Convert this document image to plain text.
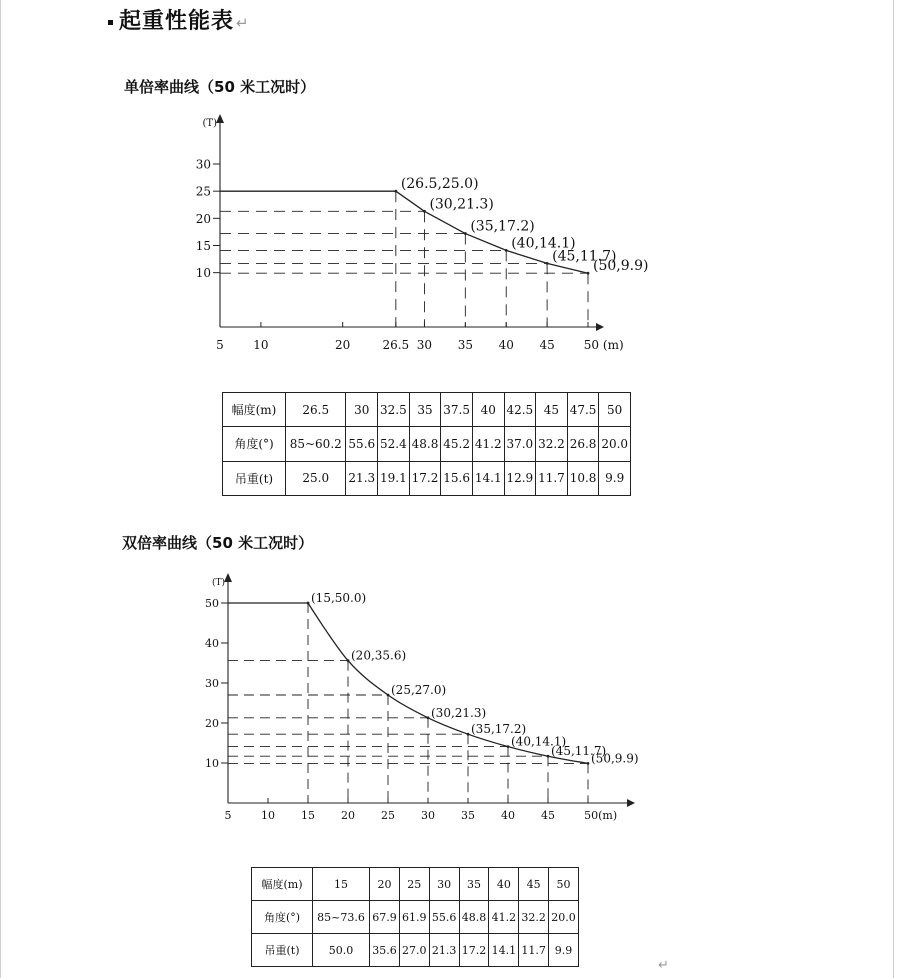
起重性能表 ↵
单倍率曲线（50 米工况时）
(T)
10
15
20
25
30
5 10	20	26.5 30 35 40 45 50 (m)
(26.5,25.0)
(30,21.3)
(35,17.2)
(40,14.1)
(45,11.7)
(50,9.9)
幅度(m)	26.5	30	32.5	35	37.5	40	42.5	45	47.5	50
角度(°)	85~60.2	55.6	52.4	48.8	45.2	41.2	37.0	32.2	26.8	20.0
吊重(t)	25.0	21.3	19.1	17.2	15.6	14.1	12.9	11.7	10.8	9.9
双倍率曲线（50 米工况时）
(T)
10
20
30
40
50
5	10 15 20 25 30 35 40 45	50(m)
(15,50.0)
(20,35.6)
(25,27.0)
(30,21.3)
(35,17.2)
(40,14.1)
(45,11.7)
(50,9.9)
幅度(m)	15	20	25	30	35	40	45	50
角度(°)	85~73.6	67.9	61.9	55.6	48.8	41.2	32.2	20.0
吊重(t)	50.0	35.6	27.0	21.3	17.2	14.1	11.7	9.9
↵
